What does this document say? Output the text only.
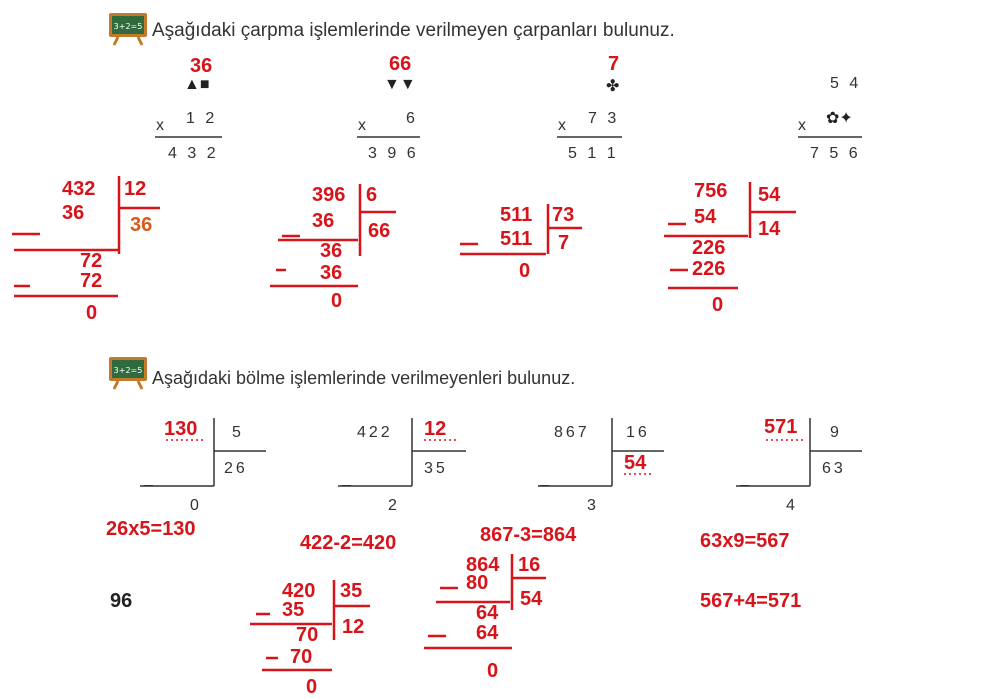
3+2=5
3+2=5
Aşağıdaki çarpma işlemlerinde verilmeyen çarpanları bulunuz.
Aşağıdaki bölme işlemlerinde verilmeyenleri bulunuz.
36
▲■
x 1 2
4 3 2
66
▼▼
x 6
3 9 6
7
✤
x 7 3
5 1 1
5 4
✿✦
x
7 5 6
432 12
36
36
72
72
0
396 6
36 66
36
36
0
511 73
511 7
0
756 54
54
14
226
226
0
130 5
26
_
0
422 12
35
_
2
867 16
54
_
3
571 9
63
_
4
26x5=130
422-2=420	867-3=864	63x9=567
567+4=571
420 35
35
12
70
70
0
864 16
80
54
64
64
0
96
